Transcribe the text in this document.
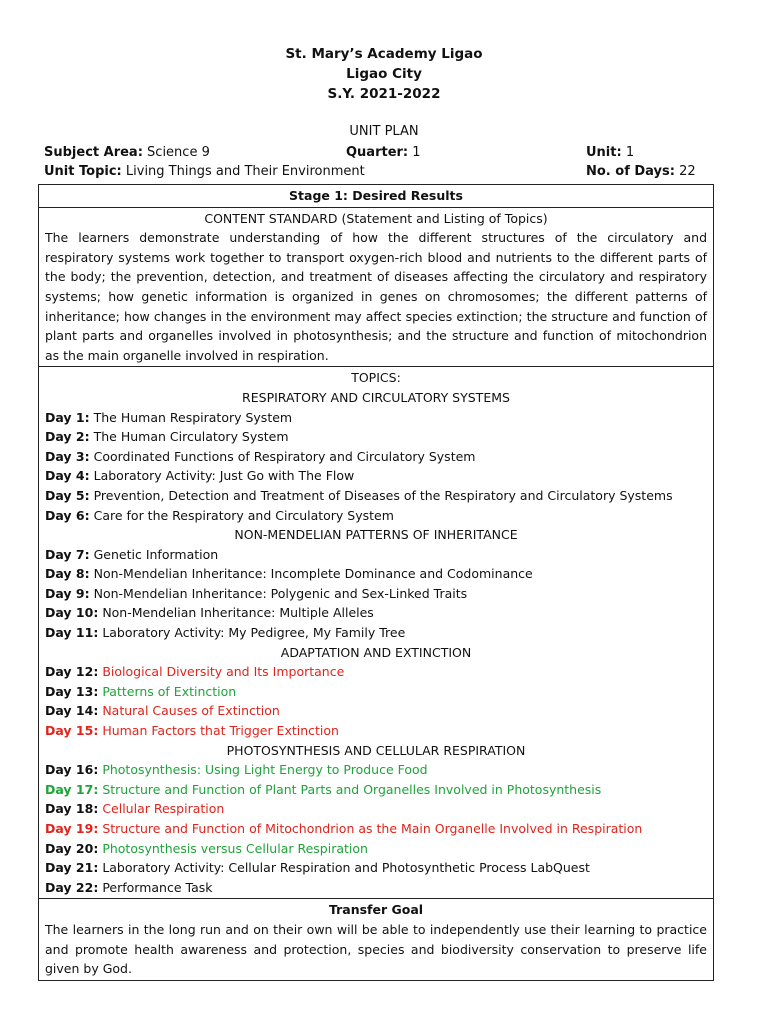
St. Mary’s Academy Ligao
Ligao City
S.Y. 2021-2022
UNIT PLAN
Subject Area: Science 9	Quarter: 1	Unit: 1
Unit Topic: Living Things and Their Environment	No. of Days: 22
Stage 1: Desired Results
CONTENT STANDARD (Statement and Listing of Topics)
The learners demonstrate understanding of how the different structures of the circulatory and respiratory systems work together to transport oxygen-rich blood and nutrients to the different parts of the body; the prevention, detection, and treatment of diseases affecting the circulatory and respiratory systems; how genetic information is organized in genes on chromosomes; the different patterns of inheritance; how changes in the environment may affect species extinction; the structure and function of plant parts and organelles involved in photosynthesis; and the structure and function of mitochondrion as the main organelle involved in respiration.
TOPICS:
RESPIRATORY AND CIRCULATORY SYSTEMS
Day 1: The Human Respiratory System
Day 2: The Human Circulatory System
Day 3: Coordinated Functions of Respiratory and Circulatory System
Day 4: Laboratory Activity: Just Go with The Flow
Day 5: Prevention, Detection and Treatment of Diseases of the Respiratory and Circulatory Systems
Day 6: Care for the Respiratory and Circulatory System
NON-MENDELIAN PATTERNS OF INHERITANCE
Day 7: Genetic Information
Day 8: Non-Mendelian Inheritance: Incomplete Dominance and Codominance
Day 9: Non-Mendelian Inheritance: Polygenic and Sex-Linked Traits
Day 10: Non-Mendelian Inheritance: Multiple Alleles
Day 11: Laboratory Activity: My Pedigree, My Family Tree
ADAPTATION AND EXTINCTION
Day 12: Biological Diversity and Its Importance
Day 13: Patterns of Extinction
Day 14: Natural Causes of Extinction
Day 15: Human Factors that Trigger Extinction
PHOTOSYNTHESIS AND CELLULAR RESPIRATION
Day 16: Photosynthesis: Using Light Energy to Produce Food
Day 17: Structure and Function of Plant Parts and Organelles Involved in Photosynthesis
Day 18: Cellular Respiration
Day 19: Structure and Function of Mitochondrion as the Main Organelle Involved in Respiration
Day 20: Photosynthesis versus Cellular Respiration
Day 21: Laboratory Activity: Cellular Respiration and Photosynthetic Process LabQuest
Day 22: Performance Task
Transfer Goal
The learners in the long run and on their own will be able to independently use their learning to practice and promote health awareness and protection, species and biodiversity conservation to preserve life given by God.
